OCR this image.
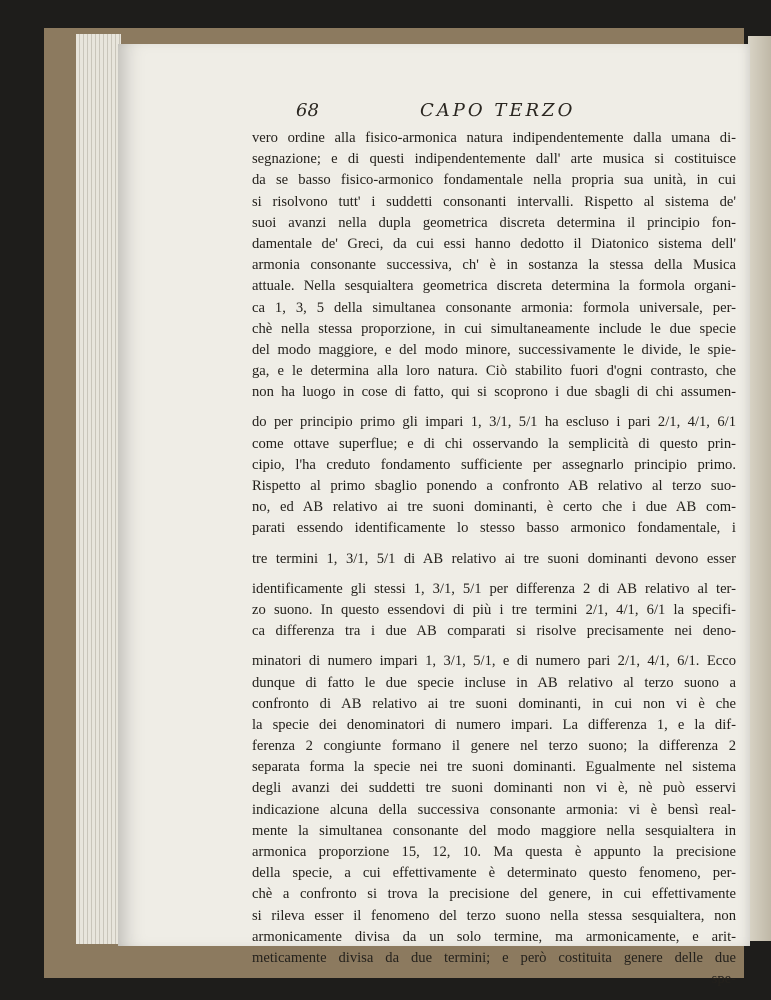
68	CAPO TERZO
vero ordine alla fisico-armonica natura indipendentemente dalla umana di-
segnazione; e di questi indipendentemente dall' arte musica si costituisce
da se basso fisico-armonico fondamentale nella propria sua unità, in cui
si risolvono tutt' i suddetti consonanti intervalli. Rispetto al sistema de'
suoi avanzi nella dupla geometrica discreta determina il principio fon-
damentale de' Greci, da cui essi hanno dedotto il Diatonico sistema dell'
armonia consonante successiva, ch' è in sostanza la stessa della Musica
attuale. Nella sesquialtera geometrica discreta determina la formola organi-
ca 1, 3, 5 della simultanea consonante armonia: formola universale, per-
chè nella stessa proporzione, in cui simultaneamente include le due specie
del modo maggiore, e del modo minore, successivamente le divide, le spie-
ga, e le determina alla loro natura. Ciò stabilito fuori d'ogni contrasto, che
non ha luogo in cose di fatto, qui si scoprono i due sbagli di chi assumen-
do per principio primo gli impari 1, 3/1, 5/1 ha escluso i pari 2/1, 4/1, 6/1
come ottave superflue; e di chi osservando la semplicità di questo prin-
cipio, l'ha creduto fondamento sufficiente per assegnarlo principio primo.
Rispetto al primo sbaglio ponendo a confronto AB relativo al terzo suo-
no, ed AB relativo ai tre suoni dominanti, è certo che i due AB com-
parati essendo identificamente lo stesso basso armonico fondamentale, i
tre termini 1, 3/1, 5/1 di AB relativo ai tre suoni dominanti devono esser
identificamente gli stessi 1, 3/1, 5/1 per differenza 2 di AB relativo al ter-
zo suono. In questo essendovi di più i tre termini 2/1, 4/1, 6/1 la specifi-
ca differenza tra i due AB comparati si risolve precisamente nei deno-
minatori di numero impari 1, 3/1, 5/1, e di numero pari 2/1, 4/1, 6/1. Ecco
dunque di fatto le due specie incluse in AB relativo al terzo suono a
confronto di AB relativo ai tre suoni dominanti, in cui non vi è che
la specie dei denominatori di numero impari. La differenza 1, e la dif-
ferenza 2 congiunte formano il genere nel terzo suono; la differenza 2
separata forma la specie nei tre suoni dominanti. Egualmente nel sistema
degli avanzi dei suddetti tre suoni dominanti non vi è, nè può esservi
indicazione alcuna della successiva consonante armonia: vi è bensì real-
mente la simultanea consonante del modo maggiore nella sesquialtera in
armonica proporzione 15, 12, 10. Ma questa è appunto la precisione
della specie, a cui effettivamente è determinato questo fenomeno, per-
chè a confronto si trova la precisione del genere, in cui effettivamente
si rileva esser il fenomeno del terzo suono nella stessa sesquialtera, non
armonicamente divisa da un solo termine, ma armonicamente, e arit-
meticamente divisa da due termini; e però costituita genere delle due
spe-
